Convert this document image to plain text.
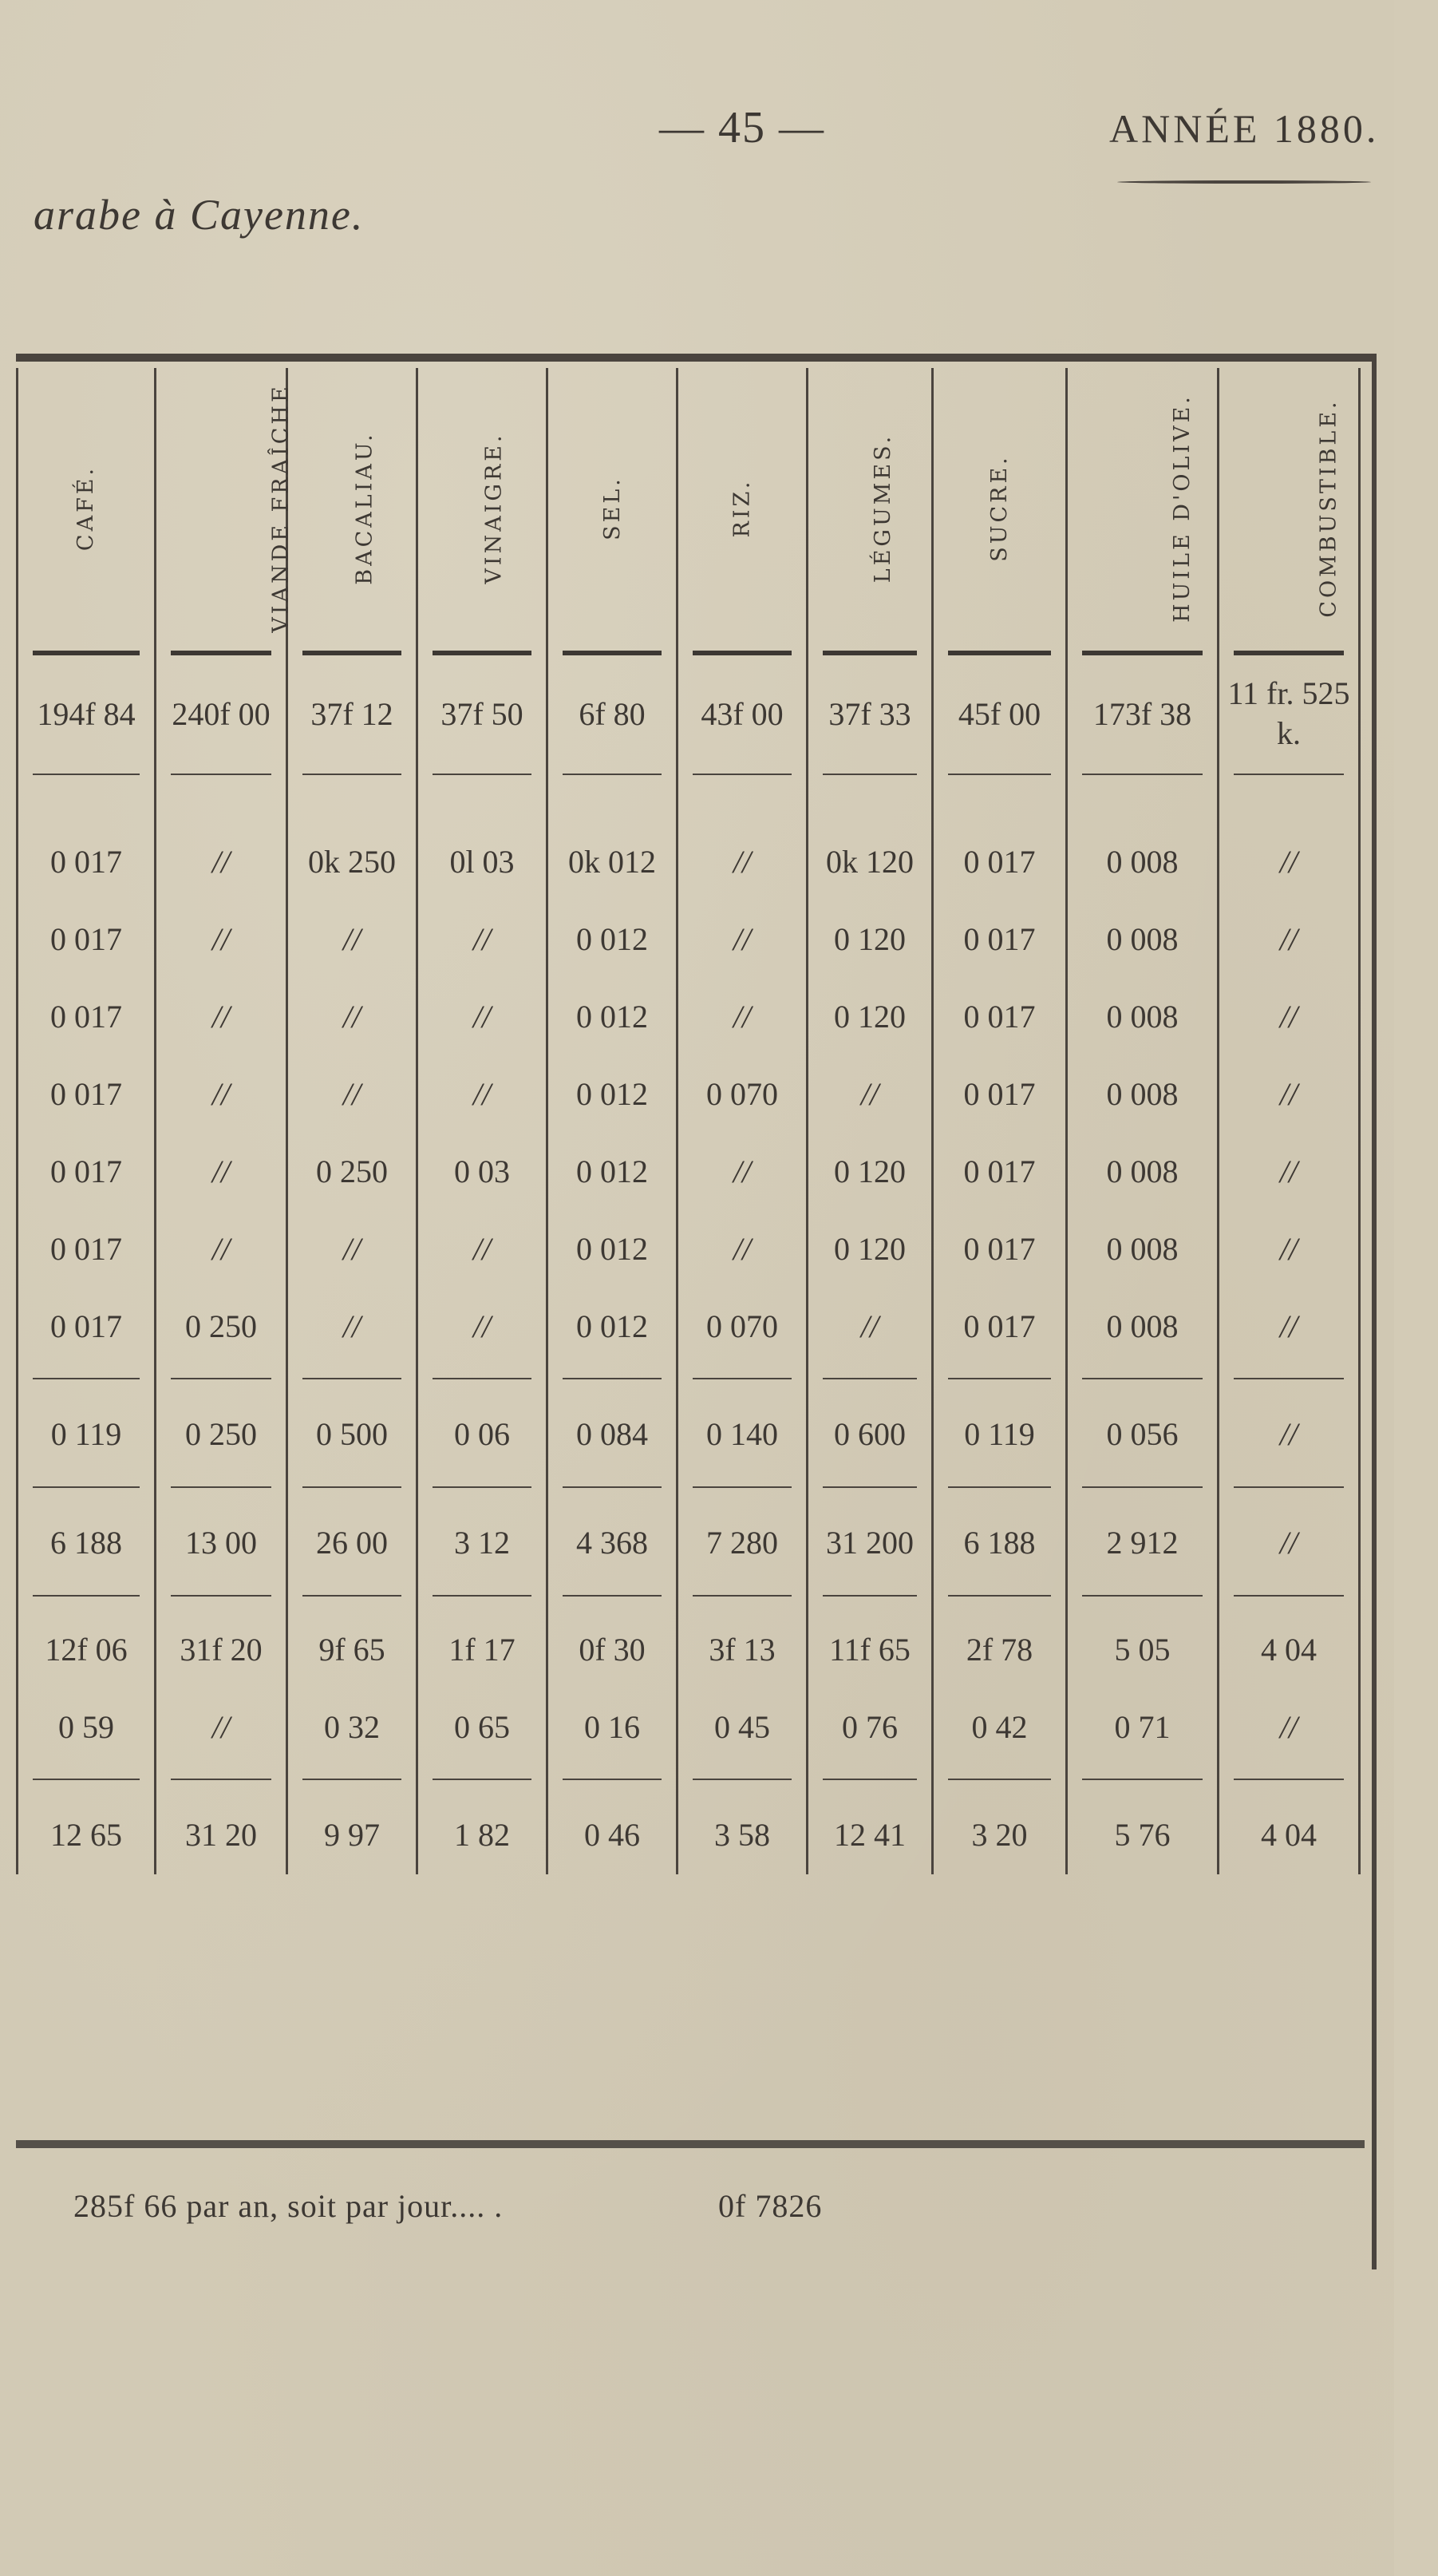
— 45 —	ANNÉE 1880.
arabe à Cayenne.
CAFÉ.	VIANDE FRAÎCHE	BACALIAU.	VINAIGRE.	SEL.	RIZ.	LÉGUMES.	SUCRE.	HUILE D'OLIVE.	COMBUSTIBLE.

194f 84	240f 00	37f 12	37f 50	6f 80	43f 00	37f 33	45f 00	173f 38	11 fr. 525 k.

0 017	//	0k 250	0l 03	0k 012	//	0k 120	0 017	0 008	//
0 017	//	//	//	0 012	//	0 120	0 017	0 008	//
0 017	//	//	//	0 012	//	0 120	0 017	0 008	//
0 017	//	//	//	0 012	0 070	//	0 017	0 008	//
0 017	//	0 250	0 03	0 012	//	0 120	0 017	0 008	//
0 017	//	//	//	0 012	//	0 120	0 017	0 008	//
0 017	0 250	//	//	0 012	0 070	//	0 017	0 008	//

0 119	0 250	0 500	0 06	0 084	0 140	0 600	0 119	0 056	//

6 188	13 00	26 00	3 12	4 368	7 280	31 200	6 188	2 912	//

12f 06	31f 20	9f 65	1f 17	0f 30	3f 13	11f 65	2f 78	5 05	4 04
0 59	//	0 32	0 65	0 16	0 45	0 76	0 42	0 71	//

12 65	31 20	9 97	1 82	0 46	3 58	12 41	3 20	5 76	4 04
285f 66 par an, soit par jour.... .	0f 7826
